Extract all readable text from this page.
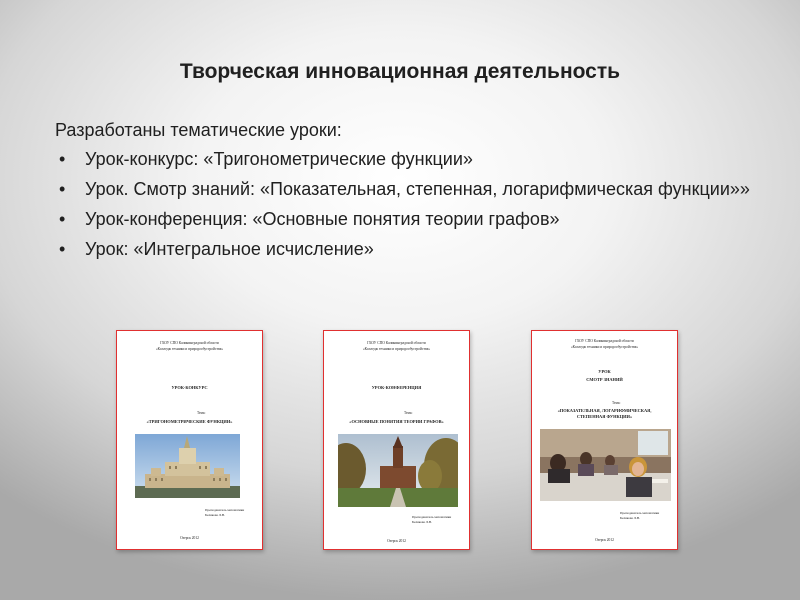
Творческая инновационная деятельность
Разработаны тематические уроки:
• Урок-конкурс: «Тригонометрические функции»
• Урок. Смотр знаний: «Показательная, степенная, логарифмическая функции»»
• Урок-конференция: «Основные понятия теории графов»
• Урок: «Интегральное исчисление»
ГБОУ СПО Калининградской области
«Колледж техники и природообустройства»
УРОК-КОНКУРС
Тема:
«ТРИГОНОМЕТРИЧЕСКИЕ ФУНКЦИИ»
Преподаватель математики
Белякова Л.В.
Озерск 2012
ГБОУ СПО Калининградской области
«Колледж техники и природообустройства»
УРОК-КОНФЕРЕНЦИЯ
Тема:
«ОСНОВНЫЕ ПОНЯТИЯ ТЕОРИИ ГРАФОВ»
Преподаватель математики
Белякова Л.В.
Озерск 2012
ГБОУ СПО Калининградской области
«Колледж техники и природообустройства»
УРОК
СМОТР ЗНАНИЙ
Тема:
«ПОКАЗАТЕЛЬНАЯ, ЛОГАРИФМИЧЕСКАЯ, СТЕПЕННАЯ ФУНКЦИИ»
Преподаватель математики
Белякова Л.В.
Озерск 2012
